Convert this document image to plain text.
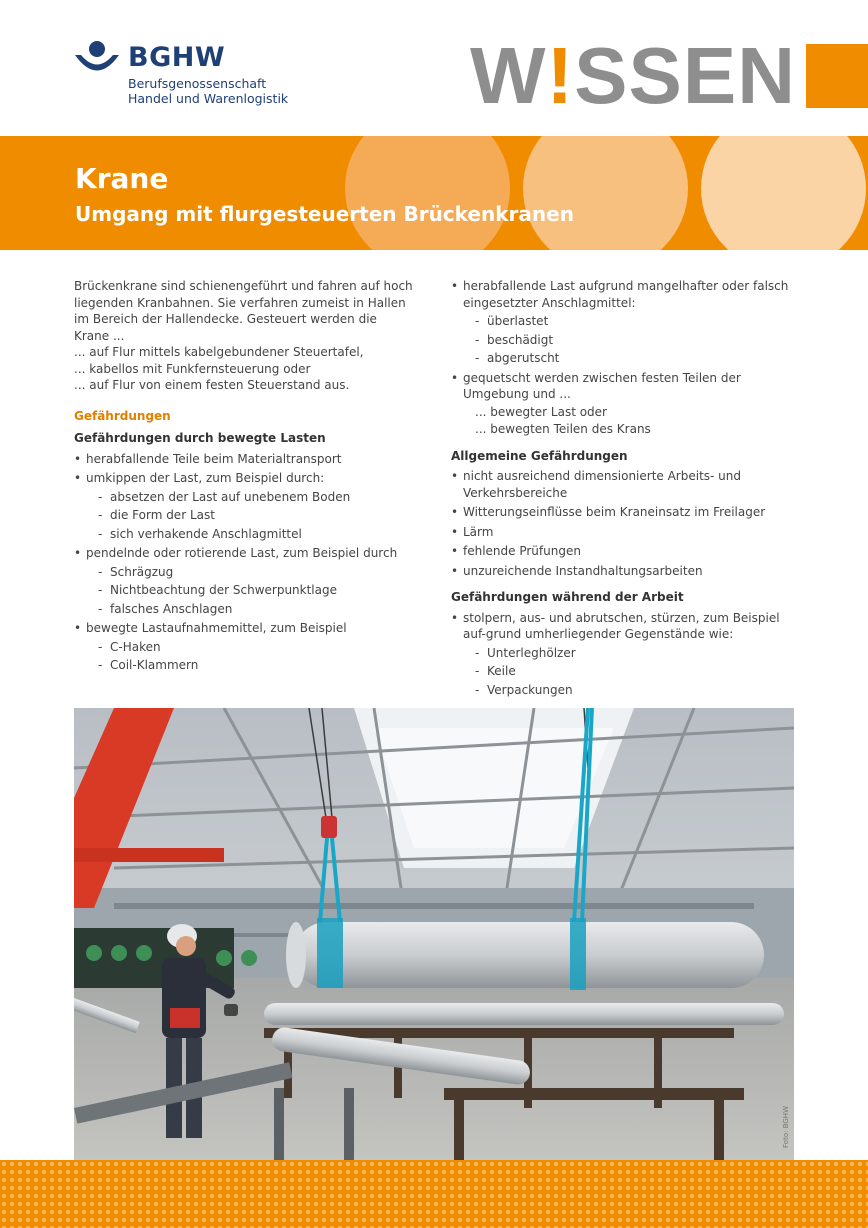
BGHW
Berufsgenossenschaft
Handel und Warenlogistik W!SSEN
Krane
Umgang mit flurgesteuerten Brückenkranen

Brückenkrane sind schienengeführt und fahren auf hoch liegenden Kranbahnen. Sie verfahren zumeist in Hallen im Bereich der Hallendecke. Gesteuert werden die Krane ...

... auf Flur mittels kabelgebundener Steuertafel,

... kabellos mit Funkfernsteuerung oder

... auf Flur von einem festen Steuerstand aus.

Gefährdungen

Gefährdungen durch bewegte Lasten

• herabfallende Teile beim Materialtransport
• umkippen der Last, zum Beispiel durch:
- absetzen der Last auf unebenem Boden
- die Form der Last
- sich verhakende Anschlagmittel
• pendelnde oder rotierende Last, zum Beispiel durch
- Schrägzug
- Nichtbeachtung der Schwerpunktlage
- falsches Anschlagen
• bewegte Lastaufnahmemittel, zum Beispiel
- C-Haken
- Coil-Klammern
• herabfallende Last aufgrund mangelhafter oder falsch eingesetzter Anschlagmittel:
- überlastet
- beschädigt
- abgerutscht
• gequetscht werden zwischen festen Teilen der Umgebung und ...
... bewegter Last oder
... bewegten Teilen des Krans

Allgemeine Gefährdungen

• nicht ausreichend dimensionierte Arbeits- und Verkehrsbereiche
• Witterungseinflüsse beim Kraneinsatz im Freilager
• Lärm
• fehlende Prüfungen
• unzureichende Instandhaltungsarbeiten

Gefährdungen während der Arbeit

• stolpern, aus- und abrutschen, stürzen, zum Beispiel auf-grund umherliegender Gegenstände wie:
- Unterleghölzer
- Keile
- Verpackungen
Foto: BGHW
